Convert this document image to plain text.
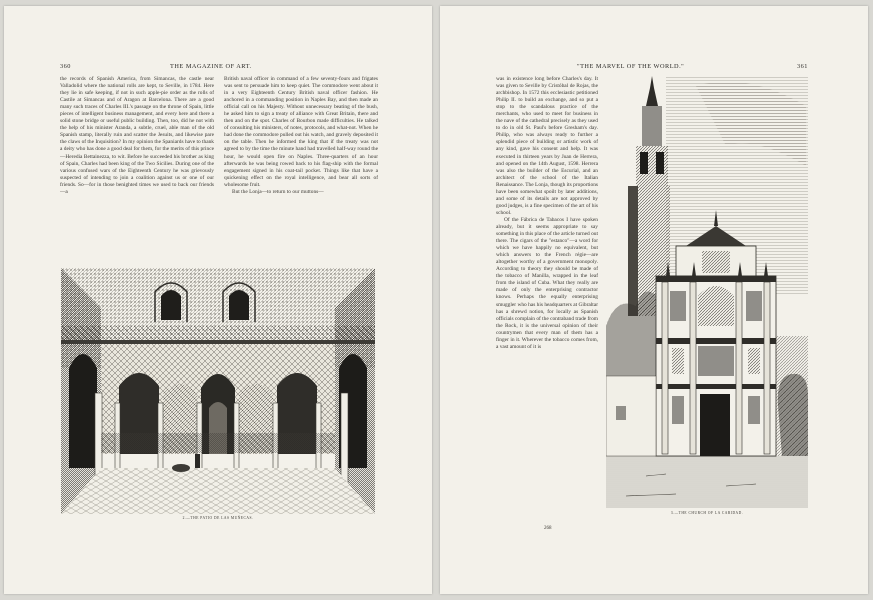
360	THE MAGAZINE OF ART.

the records of Spanish America, from Simancas, the castle near Valladolid where the national rolls are kept, to Seville, in 1784. Here they lie in safe keeping, if not in such apple-pie order as the rolls of Castile at Simancas and of Aragon at Barcelona. There are a good many such traces of Charles III.'s passage on the throne of Spain, little pieces of intelligent business management, and every here and there a solid stone bridge or useful public building. Then, too, did he not with the help of his minister Aranda, a subtle, cruel, able man of the old Spanish stamp, literally ruin and scatter the Jesuits, and likewise pare the claws of the Inquisition? In my opinion the Spaniards have to thank a deity who has done a good deal for them, for the merits of this prince—Heredia Bettainezza, to wit. Before he succeeded his brother as king of Spain, Charles had been king of the Two Sicilies. During one of the various confused wars of the Eighteenth Century he was grievously suspected of intending to join a coalition against us or one of our friends. So—for in those benighted times we used to back our friends—a

British naval officer in command of a few seventy-fours and frigates was sent to persuade him to keep quiet. The commodore went about it in a very Eighteenth Century British naval officer fashion. He anchored in a commanding position in Naples Bay, and then made an official call on his Majesty. Without unnecessary beating of the bush, he asked him to sign a treaty of alliance with Great Britain, there and then and on the spot. Charles of Bourbon made difficulties. He talked of consulting his ministers, of notes, protocols, and what-not. When he had done the commodore pulled out his watch, and gravely deposited it on the table. Then he informed the king that if the treaty was not agreed to by the time the minute hand had travelled half-way round the hour, he would open fire on Naples. Three-quarters of an hour afterwards he was being rowed back to his flag-ship with the formal engagement signed in his coat-tail pocket. Things like that have a quickening effect on the royal intelligence, and bear all sorts of wholesome fruit.

But the Lonja—to return to our muttons—

2.—THE PATIO DE LAS MUÑECAS.
"THE MARVEL OF THE WORLD."	361

was in existence long before Charles's day. It was given to Seville by Cristóbal de Rojas, the archbishop. In 1572 this ecclesiastic petitioned Philip II. to build an exchange, and so put a stop to the scandalous practice of the merchants, who used to meet for business in the nave of the cathedral precisely as they used to do in old St. Paul's before Gresham's day. Philip, who was always ready to further a splendid piece of building or artistic work of any kind, gave his consent and help. It was executed in thirteen years by Juan de Herrera, and opened on the 14th August, 1598. Herrera was also the builder of the Escurial, and an architect of the school of the Italian Renaissance. The Lonja, though its proportions have been somewhat spoilt by later additions, and some of its details are not approved by good judges, is a fine specimen of the art of his school.

Of the Fábrica de Tabacos I have spoken already, but it seems appropriate to say something in this place of the article turned out there. The cigars of the "estanco"—a word for which we have happily no equivalent, but which answers to the French régie—are altogether worthy of a government monopoly. According to theory they should be made of the tobacco of Manilla, wrapped in the leaf from the island of Cuba. What they really are made of only the enterprising contractor knows. Perhaps the equally enterprising smuggler who has his headquarters at Gibraltar has a shrewd notion, for locally as Spanish officials complain of the contraband trade from the Rock, it is the universal opinion of their countrymen that every man of them has a finger in it. Wherever the tobacco comes from, a vast amount of it is

3.—THE CHURCH OF LA CARIDAD.
268
